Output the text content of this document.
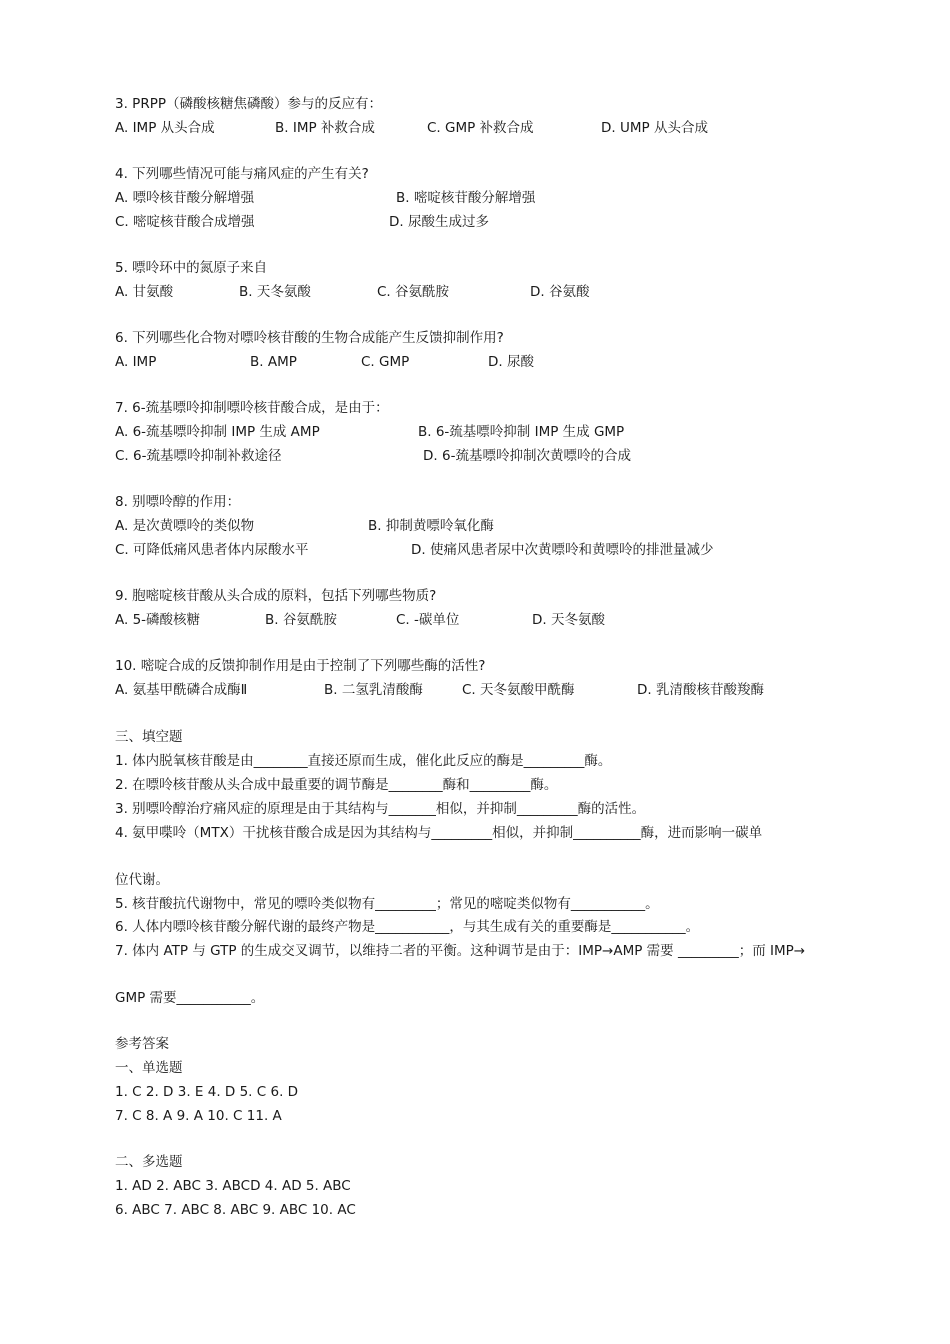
3. PRPP（磷酸核糖焦磷酸）参与的反应有：
A. IMP 从头合成	B. IMP 补救合成	C. GMP 补救合成	D. UMP 从头合成
4. 下列哪些情况可能与痛风症的产生有关?
A. 嘌呤核苷酸分解增强	B. 嘧啶核苷酸分解增强
C. 嘧啶核苷酸合成增强	D. 尿酸生成过多
5. 嘌呤环中的氮原子来自
A. 甘氨酸	B. 天冬氨酸	C. 谷氨酰胺	D. 谷氨酸
6. 下列哪些化合物对嘌呤核苷酸的生物合成能产生反馈抑制作用?
A. IMP	B. AMP	C. GMP	D. 尿酸
7. 6-巯基嘌呤抑制嘌呤核苷酸合成，是由于：
A. 6-巯基嘌呤抑制 IMP 生成 AMP	B. 6-巯基嘌呤抑制 IMP 生成 GMP
C. 6-巯基嘌呤抑制补救途径	D. 6-巯基嘌呤抑制次黄嘌呤的合成
8. 别嘌呤醇的作用：
A. 是次黄嘌呤的类似物	B. 抑制黄嘌呤氧化酶
C. 可降低痛风患者体内尿酸水平	D. 使痛风患者尿中次黄嘌呤和黄嘌呤的排泄量减少
9. 胞嘧啶核苷酸从头合成的原料，包括下列哪些物质?
A. 5-磷酸核糖	B. 谷氨酰胺	C. -碳单位	D. 天冬氨酸
10. 嘧啶合成的反馈抑制作用是由于控制了下列哪些酶的活性?
A. 氨基甲酰磷合成酶Ⅱ	B. 二氢乳清酸酶	C. 天冬氨酸甲酰酶	D. 乳清酸核苷酸羧酶
三、填空题
1. 体内脱氧核苷酸是由________直接还原而生成，催化此反应的酶是_________酶。
2. 在嘌呤核苷酸从头合成中最重要的调节酶是________酶和_________酶。
3. 别嘌呤醇治疗痛风症的原理是由于其结构与_______相似，并抑制_________酶的活性。
4. 氨甲喋呤（MTX）干扰核苷酸合成是因为其结构与_________相似，并抑制__________酶，进而影响一碳单
位代谢。
5. 核苷酸抗代谢物中，常见的嘌呤类似物有_________；常见的嘧啶类似物有___________。
6. 人体内嘌呤核苷酸分解代谢的最终产物是___________，与其生成有关的重要酶是___________。
7. 体内 ATP 与 GTP 的生成交叉调节，以维持二者的平衡。这种调节是由于：IMP→AMP 需要 _________；而 IMP→
GMP 需要___________。
参考答案
一、单选题
1. C 2. D 3. E 4. D 5. C 6. D
7. C 8. A 9. A 10. C 11. A
二、多选题
1. AD 2. ABC 3. ABCD 4. AD 5. ABC
6. ABC 7. ABC 8. ABC 9. ABC 10. AC
